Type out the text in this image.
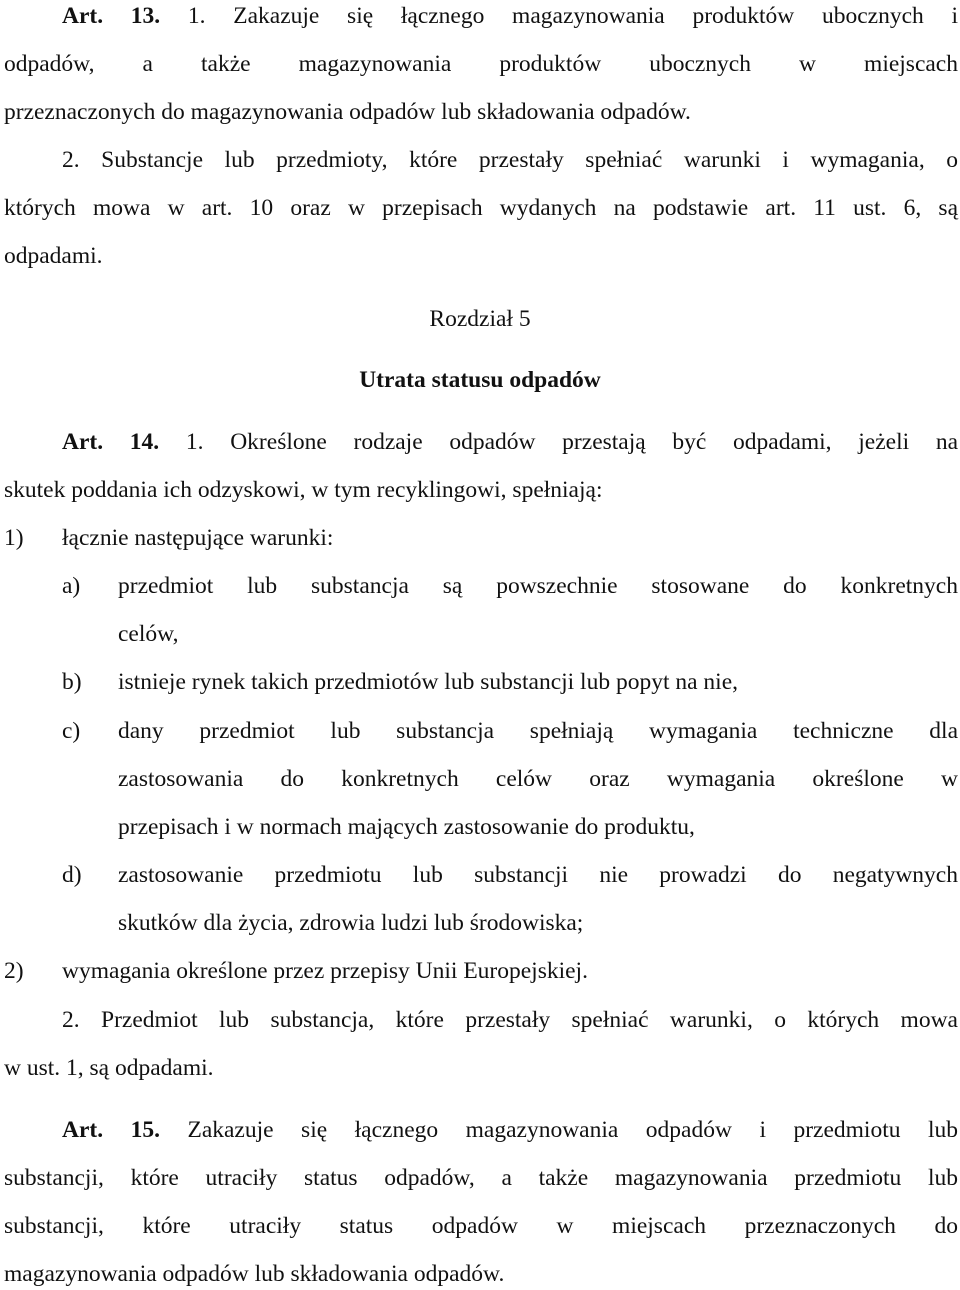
Art. 13. 1. Zakazuje się łącznego magazynowania produktów ubocznych i
odpadów, a także magazynowania produktów ubocznych w miejscach
przeznaczonych do magazynowania odpadów lub składowania odpadów.
2. Substancje lub przedmioty, które przestały spełniać warunki i wymagania, o
których mowa w art. 10 oraz w przepisach wydanych na podstawie art. 11 ust. 6, są
odpadami.
Rozdział 5
Utrata statusu odpadów
Art. 14. 1. Określone rodzaje odpadów przestają być odpadami, jeżeli na
skutek poddania ich odzyskowi, w tym recyklingowi, spełniają:
1) łącznie następujące warunki:
a) przedmiot lub substancja są powszechnie stosowane do konkretnych
celów,
b) istnieje rynek takich przedmiotów lub substancji lub popyt na nie,
c) dany przedmiot lub substancja spełniają wymagania techniczne dla
zastosowania do konkretnych celów oraz wymagania określone w
przepisach i w normach mających zastosowanie do produktu,
d) zastosowanie przedmiotu lub substancji nie prowadzi do negatywnych
skutków dla życia, zdrowia ludzi lub środowiska;
2) wymagania określone przez przepisy Unii Europejskiej.
2. Przedmiot lub substancja, które przestały spełniać warunki, o których mowa
w ust. 1, są odpadami.
Art. 15. Zakazuje się łącznego magazynowania odpadów i przedmiotu lub
substancji, które utraciły status odpadów, a także magazynowania przedmiotu lub
substancji, które utraciły status odpadów w miejscach przeznaczonych do
magazynowania odpadów lub składowania odpadów.
